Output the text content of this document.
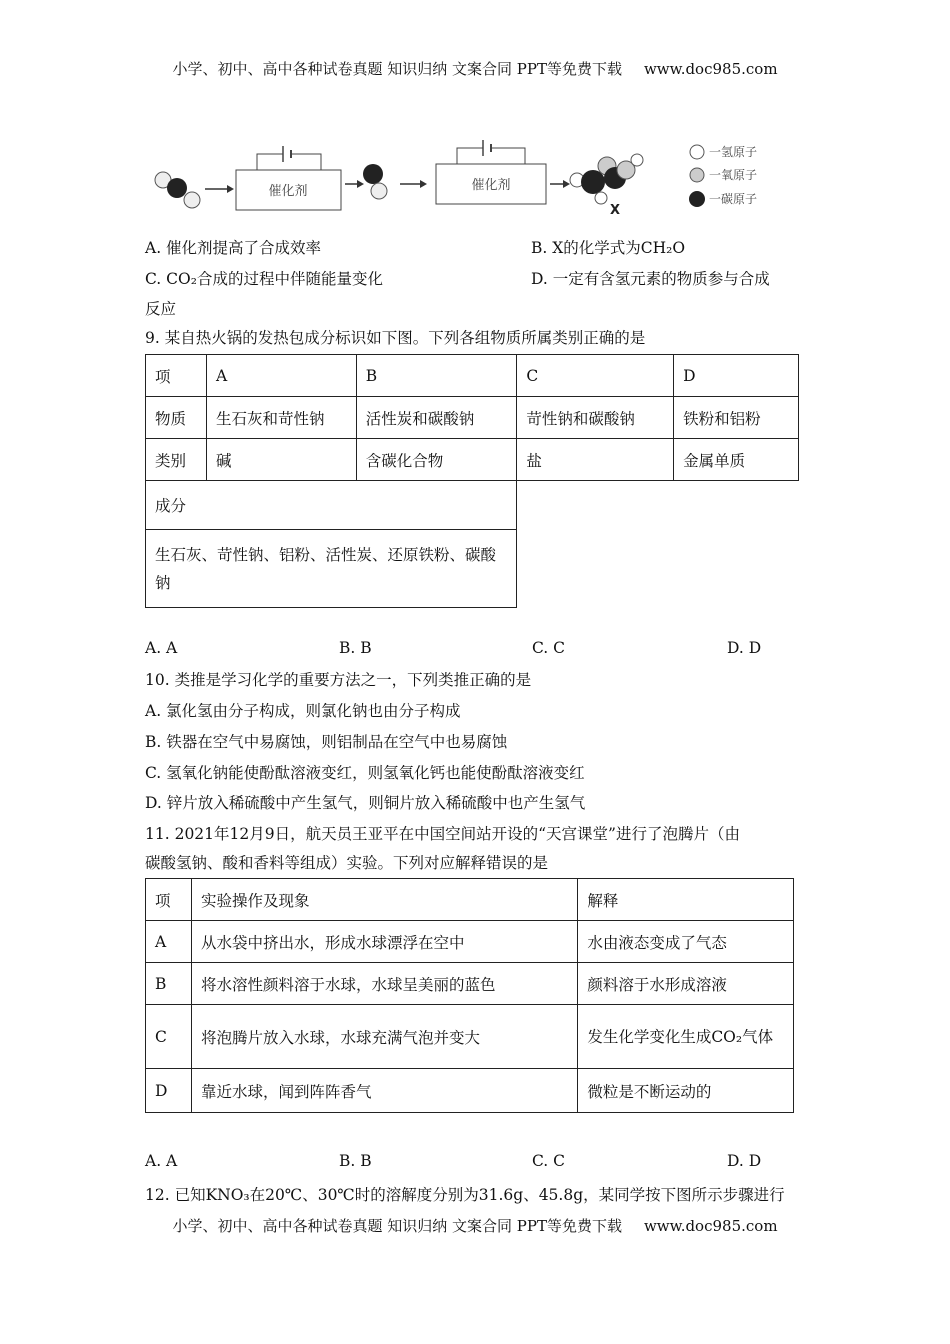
小学、初中、高中各种试卷真题 知识归纳 文案合同 PPT等免费下载 www.doc985.com
催化剂	催化剂
X
一氢原子
一氧原子
一碳原子
A. 催化剂提高了合成效率	B. X的化学式为CH₂O
C. CO₂合成的过程中伴随能量变化	D. 一定有含氢元素的物质参与合成
反应
9. 某自热火锅的发热包成分标识如下图。下列各组物质所属类别正确的是
项	A	B	C	D
物质	生石灰和苛性钠	活性炭和碳酸钠	苛性钠和碳酸钠	铁粉和铝粉
类别	碱	含碳化合物	盐	金属单质
成分
生石灰、苛性钠、铝粉、活性炭、还原铁粉、碳酸钠
A. A	B. B	C. C	D. D
10. 类推是学习化学的重要方法之一，下列类推正确的是
A. 氯化氢由分子构成，则氯化钠也由分子构成
B. 铁器在空气中易腐蚀，则铝制品在空气中也易腐蚀
C. 氢氧化钠能使酚酞溶液变红，则氢氧化钙也能使酚酞溶液变红
D. 锌片放入稀硫酸中产生氢气，则铜片放入稀硫酸中也产生氢气
11. 2021年12月9日，航天员王亚平在中国空间站开设的“天宫课堂”进行了泡腾片（由
碳酸氢钠、酸和香料等组成）实验。下列对应解释错误的是
项	实验操作及现象	解释
A	从水袋中挤出水，形成水球漂浮在空中	水由液态变成了气态
B	将水溶性颜料溶于水球，水球呈美丽的蓝色	颜料溶于水形成溶液
C	将泡腾片放入水球，水球充满气泡并变大	发生化学变化生成CO₂气体
D	靠近水球，闻到阵阵香气	微粒是不断运动的
A. A	B. B	C. C	D. D
12. 已知KNO₃在20℃、30℃时的溶解度分别为31.6g、45.8g，某同学按下图所示步骤进行
小学、初中、高中各种试卷真题 知识归纳 文案合同 PPT等免费下载 www.doc985.com
